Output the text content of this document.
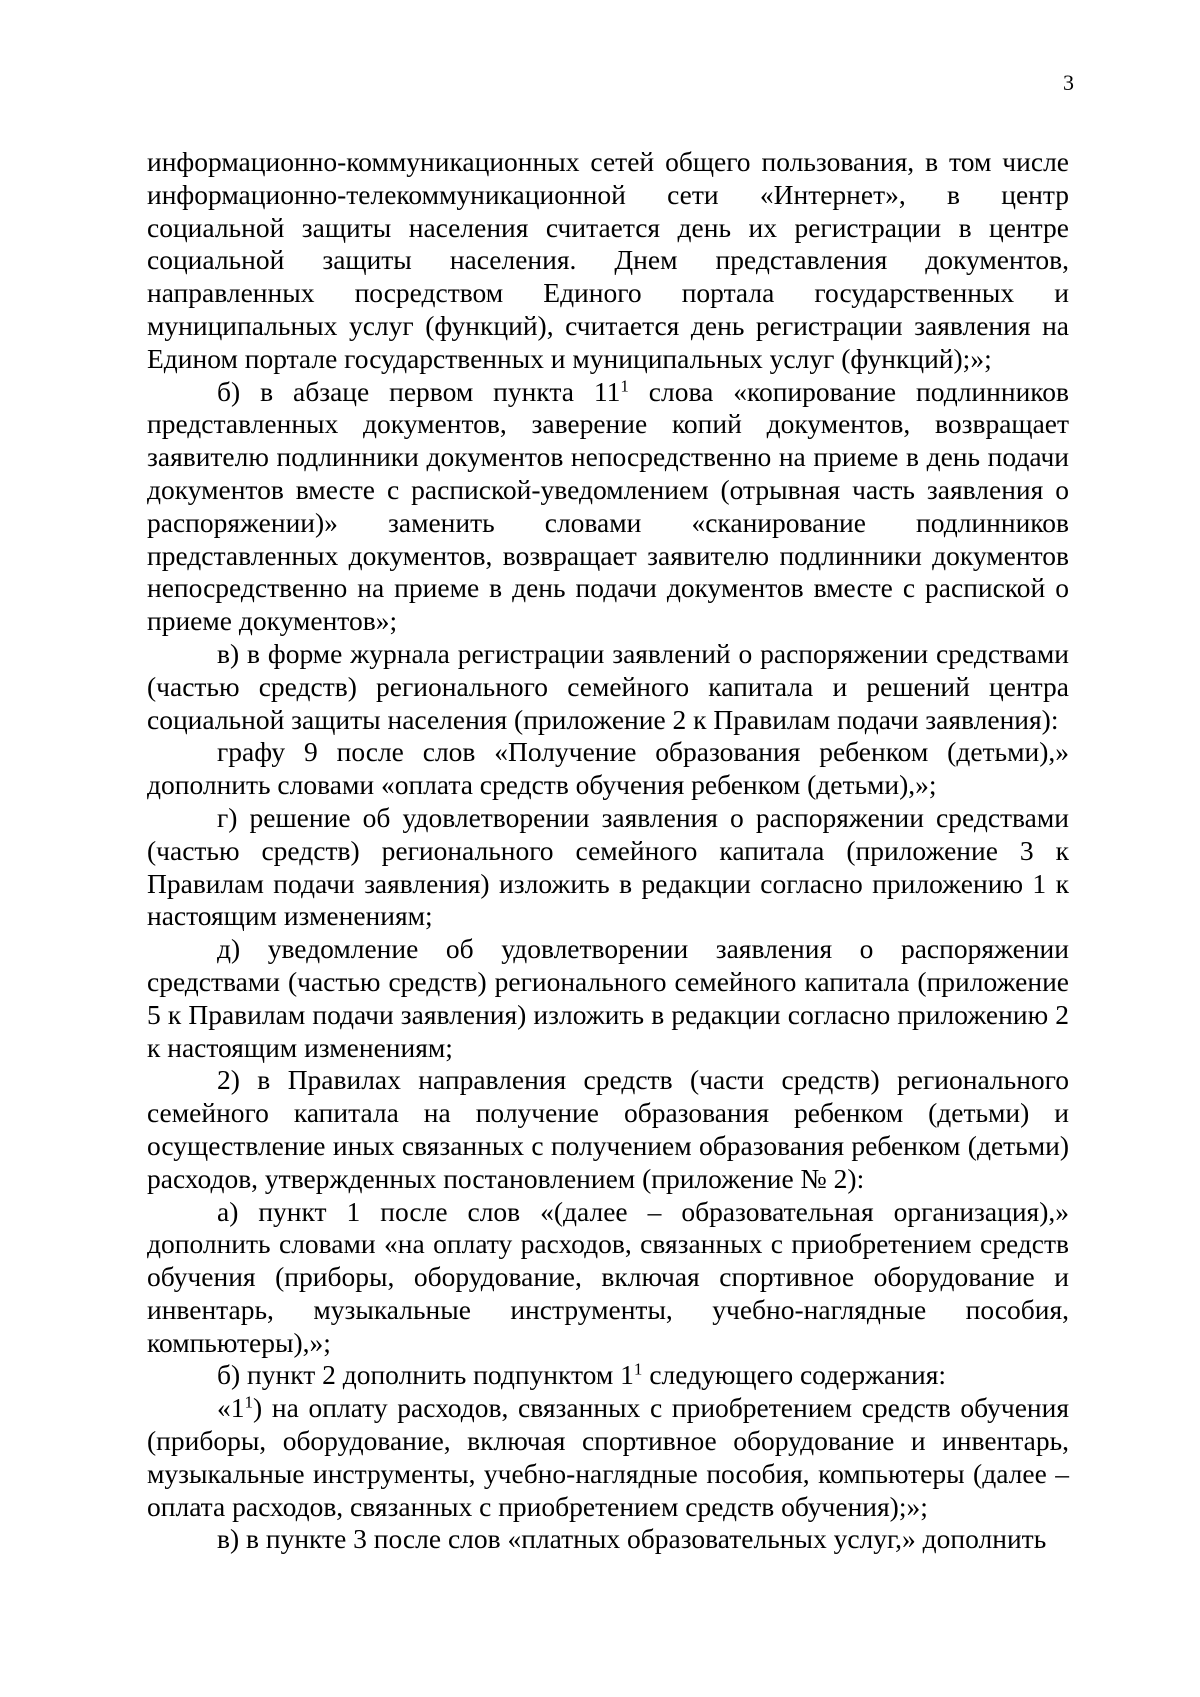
3

информационно-коммуникационных сетей общего пользования, в том числе информационно-телекоммуникационной сети «Интернет», в центр социальной защиты населения считается день их регистрации в центре социальной защиты населения. Днем представления документов, направленных посредством Единого портала государственных и муниципальных услуг (функций), считается день регистрации заявления на Едином портале государственных и муниципальных услуг (функций);»;

б) в абзаце первом пункта $11^1$ слова «копирование подлинников представленных документов, заверение копий документов, возвращает заявителю подлинники документов непосредственно на приеме в день подачи документов вместе с распиской-уведомлением (отрывная часть заявления о распоряжении)» заменить словами «сканирование подлинников представленных документов, возвращает заявителю подлинники документов непосредственно на приеме в день подачи документов вместе с распиской о приеме документов»;

в) в форме журнала регистрации заявлений о распоряжении средствами (частью средств) регионального семейного капитала и решений центра социальной защиты населения (приложение 2 к Правилам подачи заявления):

графу 9 после слов «Получение образования ребенком (детьми),» дополнить словами «оплата средств обучения ребенком (детьми),»;

г) решение об удовлетворении заявления о распоряжении средствами (частью средств) регионального семейного капитала (приложение 3 к Правилам подачи заявления) изложить в редакции согласно приложению 1 к настоящим изменениям;

д) уведомление об удовлетворении заявления о распоряжении средствами (частью средств) регионального семейного капитала (приложение 5 к Правилам подачи заявления) изложить в редакции согласно приложению 2 к настоящим изменениям;

2) в Правилах направления средств (части средств) регионального семейного капитала на получение образования ребенком (детьми) и осуществление иных связанных с получением образования ребенком (детьми) расходов, утвержденных постановлением (приложение № 2):

а) пункт 1 после слов «(далее – образовательная организация),» дополнить словами «на оплату расходов, связанных с приобретением средств обучения (приборы, оборудование, включая спортивное оборудование и инвентарь, музыкальные инструменты, учебно-наглядные пособия, компьютеры),»;

б) пункт 2 дополнить подпунктом $1^1$ следующего содержания:

«$1^1$) на оплату расходов, связанных с приобретением средств обучения (приборы, оборудование, включая спортивное оборудование и инвентарь, музыкальные инструменты, учебно-наглядные пособия, компьютеры (далее – оплата расходов, связанных с приобретением средств обучения);»;

в) в пункте 3 после слов «платных образовательных услуг,» дополнить
